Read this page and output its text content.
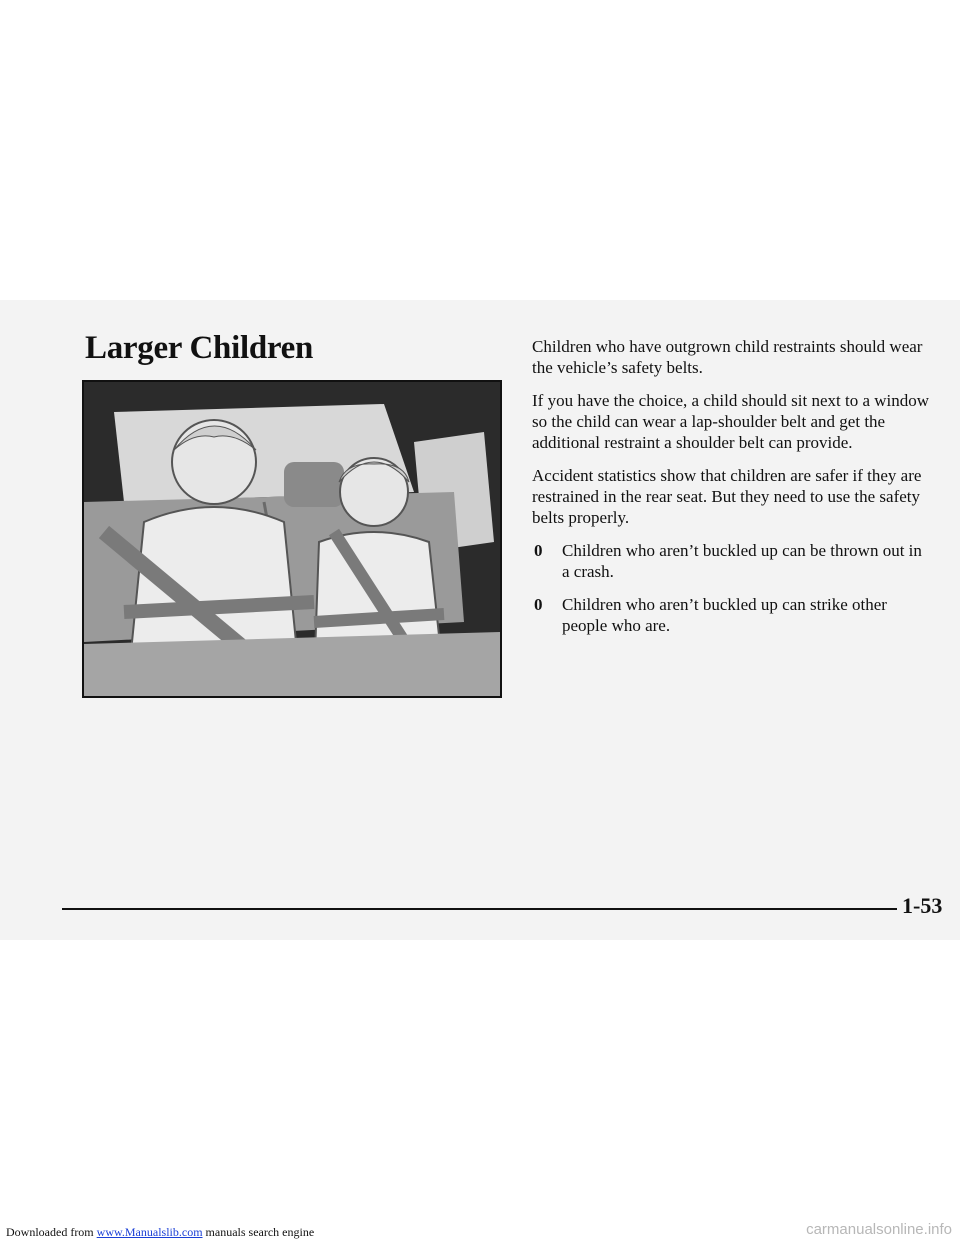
Larger Children	Children who have outgrown child restraints should wear the vehicle’s safety belts.

If you have the choice, a child should sit next to a window so the child can wear a lap-shoulder belt and get the additional restraint a shoulder belt can provide.

Accident statistics show that children are safer if they are restrained in the rear seat. But they need to use the safety belts properly.

0 Children who aren’t buckled up can be thrown out in a crash.
0 Children who aren’t buckled up can strike other people who are.
1-53
Downloaded from www.Manualslib.com manuals search engine	carmanualsonline.info
